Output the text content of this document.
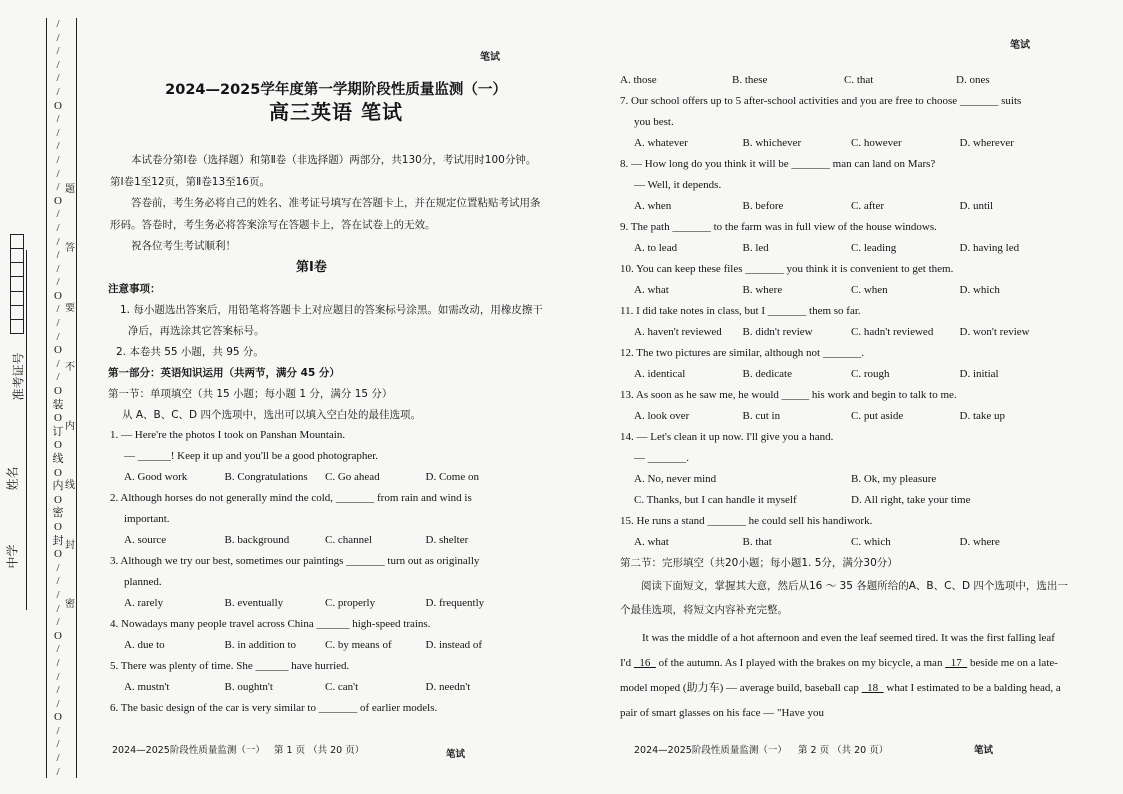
/
/
/
/
/
/
O
/
/
/
/
/
/
O
/
/
/
/
/
/
O
/
/
/
O
/
/
O
装
O
订
O
线
O
内
O
密
O
封
O
/
/
/
/
/
O
/
/
/
/
/
O
/
/
/
/
题
答
要
不
内
线
封
密
准考证号
姓名
中学
笔试
2024—2025学年度第一学期阶段性质量监测（一）
高三英语 笔试

本试卷分第Ⅰ卷（选择题）和第Ⅱ卷（非选择题）两部分，共130分，考试用时100分钟。第Ⅰ卷1至12页，第Ⅱ卷13至16页。

答卷前，考生务必将自己的姓名、准考证号填写在答题卡上，并在规定位置粘贴考试用条形码。答卷时，考生务必将答案涂写在答题卡上，答在试卷上的无效。

祝各位考生考试顺利！

第Ⅰ卷
注意事项：
1. 每小题选出答案后，用铅笔将答题卡上对应题目的答案标号涂黑。如需改动，用橡皮擦干净后，再选涂其它答案标号。
2. 本卷共 55 小题，共 95 分。
第一部分：英语知识运用（共两节，满分 45 分）
第一节：单项填空（共 15 小题；每小题 1 分，满分 15 分）
从 A、B、C、D 四个选项中，选出可以填入空白处的最佳选项。
1. — Here're the photos I took on Panshan Mountain.
— ______! Keep it up and you'll be a good photographer.
A. Good work	B. Congratulations	C. Go ahead	D. Come on
2. Although horses do not generally mind the cold, _______ from rain and wind is
important.
A. source	B. background	C. channel	D. shelter
3. Although we try our best, sometimes our paintings _______ turn out as originally
planned.
A. rarely	B. eventually	C. properly	D. frequently
4. Nowadays many people travel across China ______ high-speed trains.
A. due to	B. in addition to	C. by means of	D. instead of
5. There was plenty of time. She ______ have hurried.
A. mustn't	B. oughtn't	C. can't	D. needn't
6. The basic design of the car is very similar to _______ of earlier models.
2024—2025阶段性质量监测（一） 第 1 页 （共 20 页）	笔试
笔试
A. those	B. these	C. that	D. ones
7. Our school offers up to 5 after-school activities and you are free to choose _______ suits
you best.
A. whatever	B. whichever	C. however	D. wherever
8. — How long do you think it will be _______ man can land on Mars?
— Well, it depends.
A. when	B. before	C. after	D. until
9. The path _______ to the farm was in full view of the house windows.
A. to lead	B. led	C. leading	D. having led
10. You can keep these files _______ you think it is convenient to get them.
A. what	B. where	C. when	D. which
11. I did take notes in class, but I _______ them so far.
A. haven't reviewed	B. didn't review	C. hadn't reviewed	D. won't review
12. The two pictures are similar, although not _______.
A. identical	B. dedicate	C. rough	D. initial
13. As soon as he saw me, he would _____ his work and begin to talk to me.
A. look over	B. cut in	C. put aside	D. take up
14. — Let's clean it up now. I'll give you a hand.
— _______.
A. No, never mind	B. Ok, my pleasure
C. Thanks, but I can handle it myself	D. All right, take your time
15. He runs a stand _______ he could sell his handiwork.
A. what	B. that	C. which	D. where
第二节：完形填空（共20小题；每小题1. 5分，满分30分）
阅读下面短文，掌握其大意，然后从16 ～ 35 各题所给的A、B、C、D 四个选项中，选出一个最佳选项，将短文内容补充完整。

It was the middle of a hot afternoon and even the leaf seemed tired. It was the first falling leaf I'd   16   of the autumn. As I played with the brakes on my bicycle, a man   17   beside me on a late-model moped (助力车) — average build, baseball cap   18   what I estimated to be a balding head, a pair of smart glasses on his face — "Have you

2024—2025阶段性质量监测（一） 第 2 页 （共 20 页）	笔试
